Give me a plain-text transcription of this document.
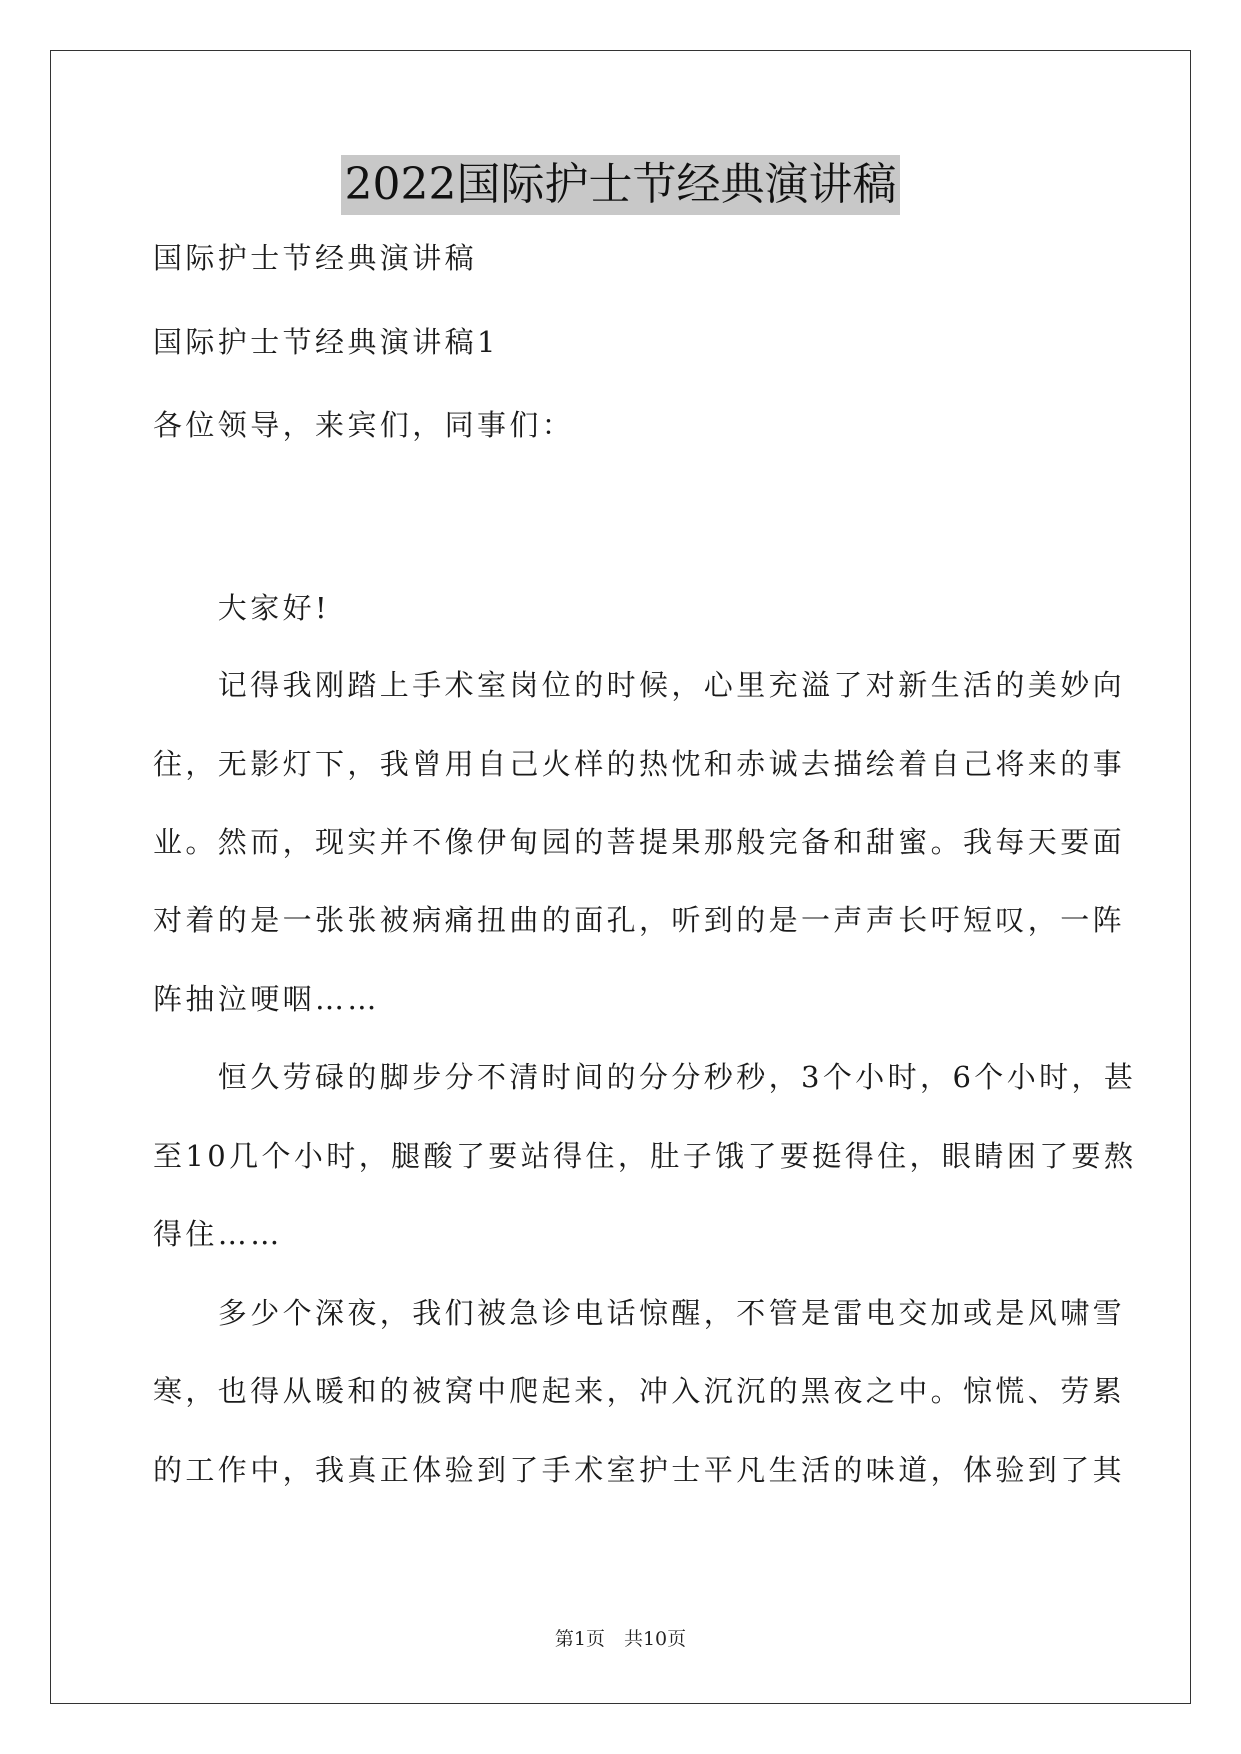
2022国际护士节经典演讲稿
国际护士节经典演讲稿
国际护士节经典演讲稿1
各位领导，来宾们，同事们：
　　大家好!
　　记得我刚踏上手术室岗位的时候，心里充溢了对新生活的美妙向
往，无影灯下，我曾用自己火样的热忱和赤诚去描绘着自己将来的事
业。然而，现实并不像伊甸园的菩提果那般完备和甜蜜。我每天要面
对着的是一张张被病痛扭曲的面孔，听到的是一声声长吁短叹，一阵
阵抽泣哽咽……
　　恒久劳碌的脚步分不清时间的分分秒秒，3个小时，6个小时，甚
至10几个小时，腿酸了要站得住，肚子饿了要挺得住，眼睛困了要熬
得住……
　　多少个深夜，我们被急诊电话惊醒，不管是雷电交加或是风啸雪
寒，也得从暖和的被窝中爬起来，冲入沉沉的黑夜之中。惊慌、劳累
的工作中，我真正体验到了手术室护士平凡生活的味道，体验到了其
第1页　共10页
